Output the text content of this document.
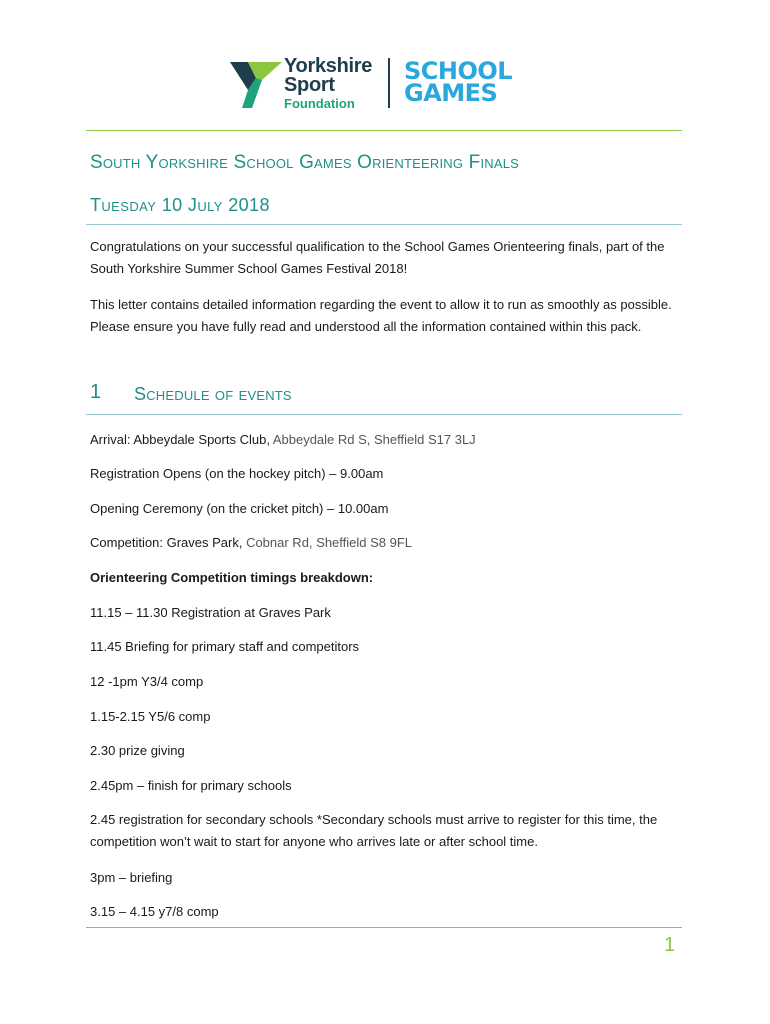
Yorkshire
Sport
Foundation
SCHOOL
GAMES
South Yorkshire School Games Orienteering Finals
Tuesday 10 July 2018
Congratulations on your successful qualification to the School Games Orienteering finals, part of the South Yorkshire Summer School Games Festival 2018!
This letter contains detailed information regarding the event to allow it to run as smoothly as possible. Please ensure you have fully read and understood all the information contained within this pack.
1 Schedule of events
Arrival: Abbeydale Sports Club, Abbeydale Rd S, Sheffield S17 3LJ
Registration Opens (on the hockey pitch) – 9.00am
Opening Ceremony (on the cricket pitch) – 10.00am
Competition: Graves Park, Cobnar Rd, Sheffield S8 9FL
Orienteering Competition timings breakdown:
11.15 – 11.30 Registration at Graves Park
11.45 Briefing for primary staff and competitors
12 -1pm Y3/4 comp
1.15-2.15 Y5/6 comp
2.30 prize giving
2.45pm – finish for primary schools
2.45 registration for secondary schools *Secondary schools must arrive to register for this time, the competition won’t wait to start for anyone who arrives late or after school time.
3pm – briefing
3.15 – 4.15 y7/8 comp
1
